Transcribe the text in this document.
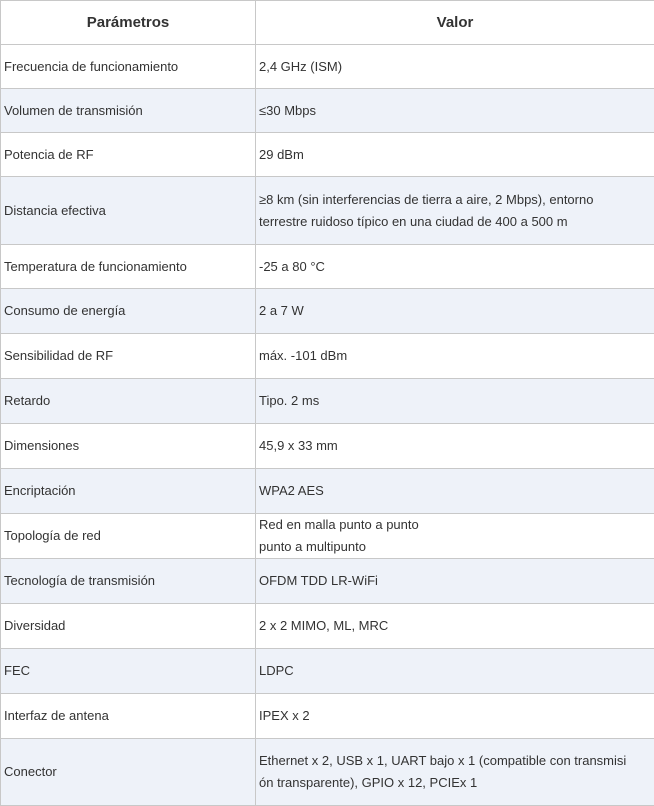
Parámetros	Valor
Frecuencia de funcionamiento	2,4 GHz (ISM)
Volumen de transmisión	≤30 Mbps
Potencia de RF	29 dBm
Distancia efectiva	≥8 km (sin interferencias de tierra a aire, 2 Mbps), entorno
terrestre ruidoso típico en una ciudad de 400 a 500 m

Temperatura de funcionamiento	-25 a 80 °C
Consumo de energía	2 a 7 W
Sensibilidad de RF	máx. -101 dBm
Retardo	Tipo. 2 ms
Dimensiones	45,9 x 33 mm
Encriptación	WPA2 AES
Topología de red	Red en malla punto a punto
punto a multipunto

Tecnología de transmisión	OFDM TDD LR-WiFi
Diversidad	2 x 2 MIMO, ML, MRC
FEC	LDPC
Interfaz de antena	IPEX x 2
Conector	Ethernet x 2, USB x 1, UART bajo x 1 (compatible con transmisi
ón transparente), GPIO x 12, PCIEx 1
